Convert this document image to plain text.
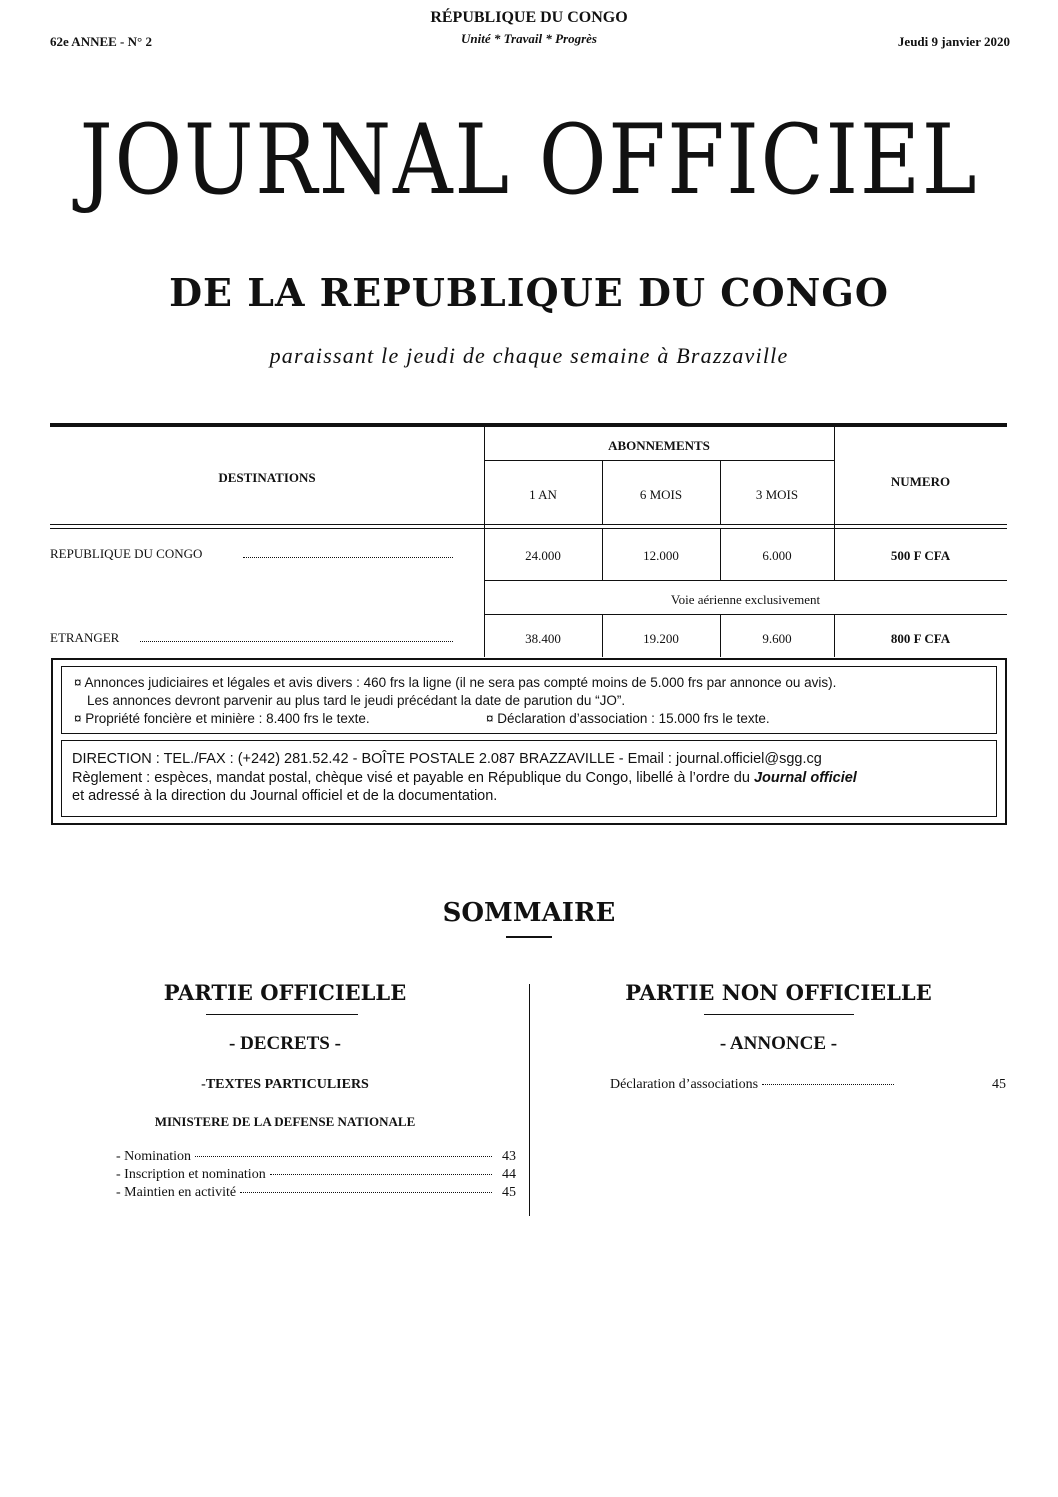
RÉPUBLIQUE DU CONGO
Unité * Travail * Progrès
62e ANNEE - N° 2	Jeudi 9 janvier 2020
JOURNAL OFFICIEL
DE LA REPUBLIQUE DU CONGO
paraissant le jeudi de chaque semaine à Brazzaville
DESTINATIONS
ABONNEMENTS
1 AN	6 MOIS	3 MOIS
NUMERO
REPUBLIQUE DU CONGO	24.000	12.000	6.000	500 F CFA
Voie aérienne exclusivement
ETRANGER	38.400	19.200	9.600	800 F CFA
¤ Annonces judiciaires et légales et avis divers : 460 frs la ligne (il ne sera pas compté moins de 5.000 frs par annonce ou avis).
Les annonces devront parvenir au plus tard le jeudi précédant la date de parution du “JO”.
¤ Propriété foncière et minière : 8.400 frs le texte.	¤ Déclaration d’association : 15.000 frs le texte.
DIRECTION : TEL./FAX : (+242) 281.52.42 - BOÎTE POSTALE 2.087 BRAZZAVILLE - Email : journal.officiel@sgg.cg
Règlement : espèces, mandat postal, chèque visé et payable en République du Congo, libellé à l’ordre du Journal officiel
et adressé à la direction du Journal officiel et de la documentation.
SOMMAIRE
PARTIE OFFICIELLE
- DECRETS -
-TEXTES PARTICULIERS
MINISTERE DE LA DEFENSE NATIONALE
- Nomination	43
- Inscription et nomination	44
- Maintien en activité	45
PARTIE NON OFFICIELLE
- ANNONCE -
Déclaration d’associations	45
